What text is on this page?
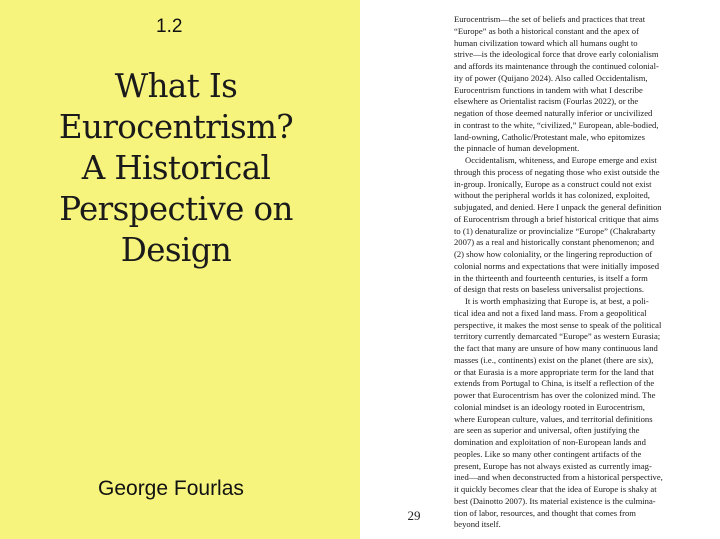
1.2
What Is
Eurocentrism?
A Historical
Perspective on
Design
George Fourlas
Eurocentrism—the set of beliefs and practices that treat
“Europe” as both a historical constant and the apex of
human civilization toward which all humans ought to
strive—is the ideological force that drove early colonialism
and affords its maintenance through the continued colonial-
ity of power (Quijano 2024). Also called Occidentalism,
Eurocentrism functions in tandem with what I describe
elsewhere as Orientalist racism (Fourlas 2022), or the
negation of those deemed naturally inferior or uncivilized
in contrast to the white, “civilized,” European, able-bodied,
land-owning, Catholic/Protestant male, who epitomizes
the pinnacle of human development.
Occidentalism, whiteness, and Europe emerge and exist
through this process of negating those who exist outside the
in-group. Ironically, Europe as a construct could not exist
without the peripheral worlds it has colonized, exploited,
subjugated, and denied. Here I unpack the general definition
of Eurocentrism through a brief historical critique that aims
to (1) denaturalize or provincialize “Europe” (Chakrabarty
2007) as a real and historically constant phenomenon; and
(2) show how coloniality, or the lingering reproduction of
colonial norms and expectations that were initially imposed
in the thirteenth and fourteenth centuries, is itself a form
of design that rests on baseless universalist projections.
It is worth emphasizing that Europe is, at best, a poli-
tical idea and not a fixed land mass. From a geopolitical
perspective, it makes the most sense to speak of the political
territory currently demarcated “Europe” as western Eurasia;
the fact that many are unsure of how many continuous land
masses (i.e., continents) exist on the planet (there are six),
or that Eurasia is a more appropriate term for the land that
extends from Portugal to China, is itself a reflection of the
power that Eurocentrism has over the colonized mind. The
colonial mindset is an ideology rooted in Eurocentrism,
where European culture, values, and territorial definitions
are seen as superior and universal, often justifying the
domination and exploitation of non-European lands and
peoples. Like so many other contingent artifacts of the
present, Europe has not always existed as currently imag-
ined—and when deconstructed from a historical perspective,
it quickly becomes clear that the idea of Europe is shaky at
best (Dainotto 2007). Its material existence is the culmina-
tion of labor, resources, and thought that comes from
beyond itself.
29
